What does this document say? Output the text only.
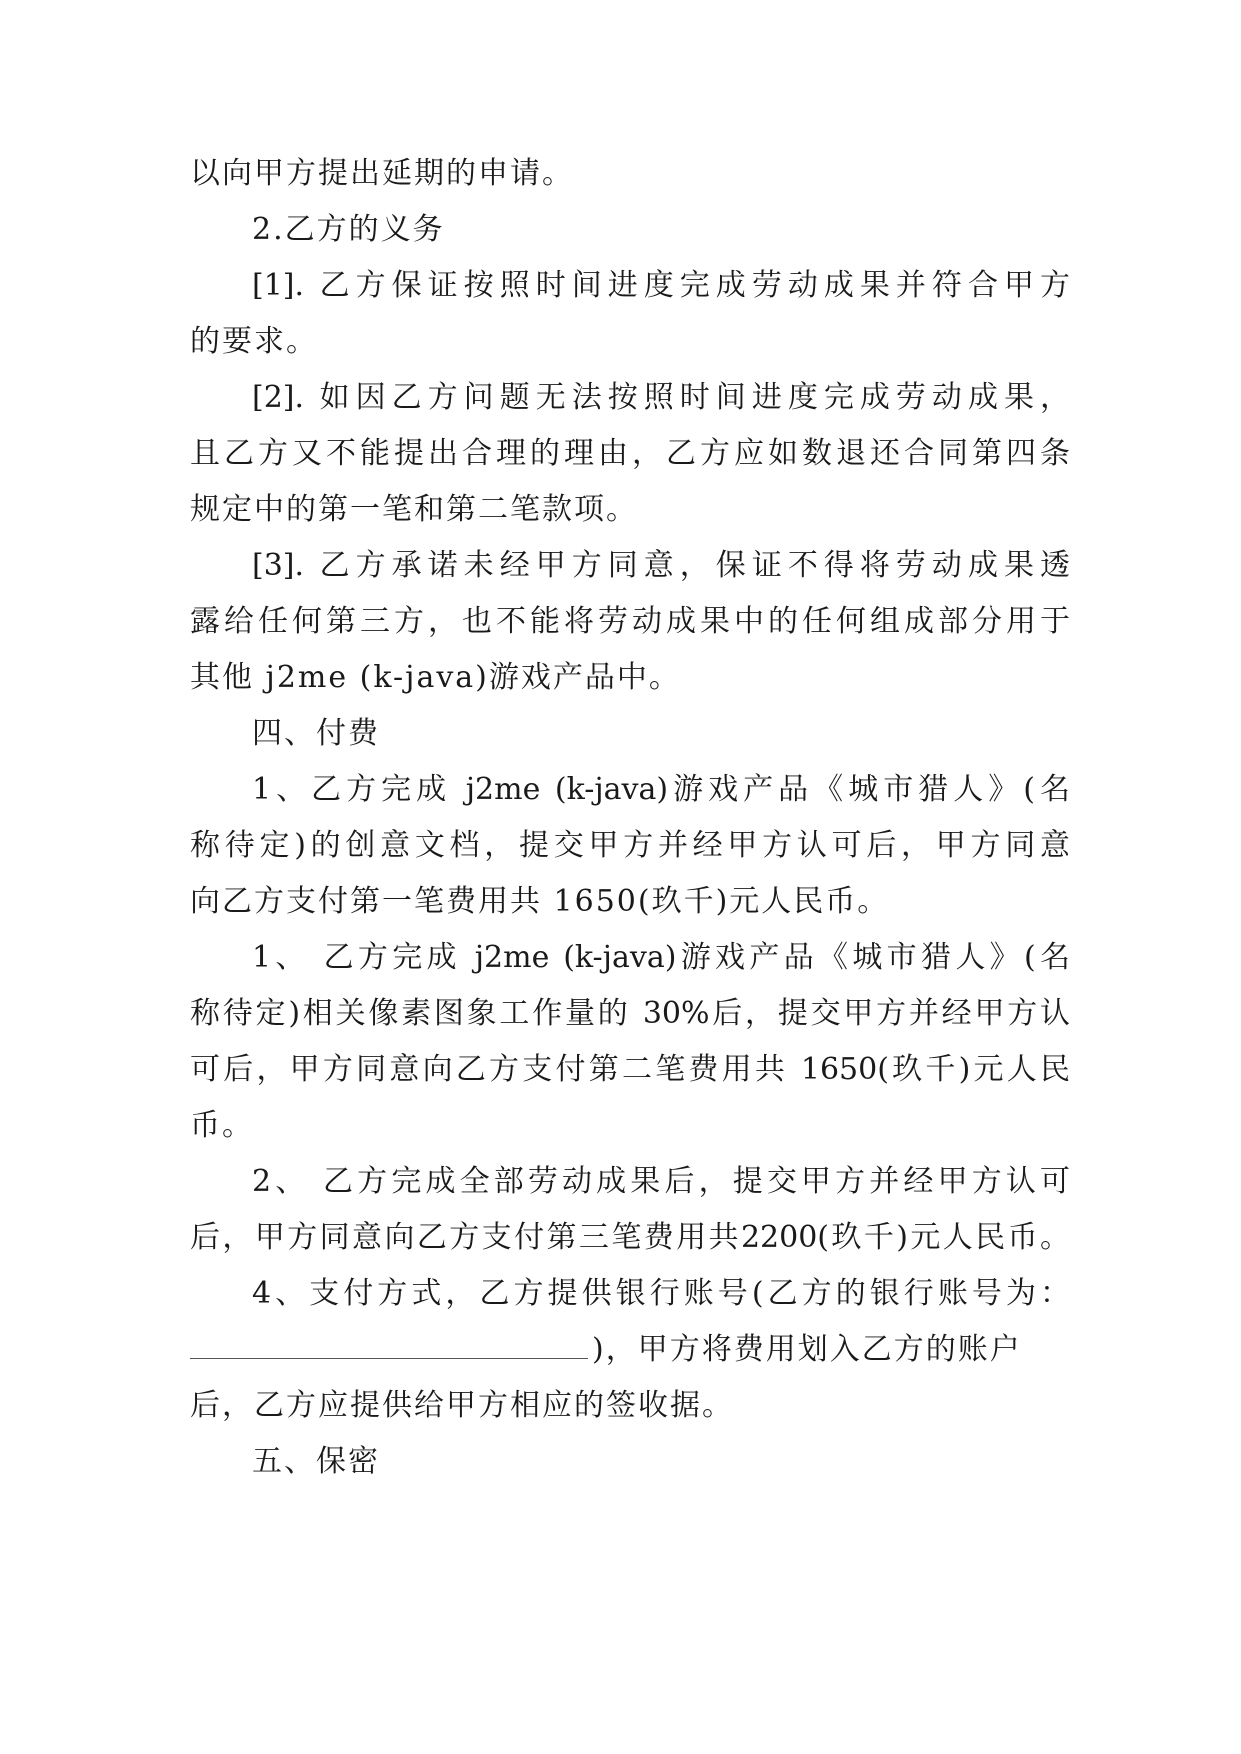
以向甲方提出延期的申请。
2.乙方的义务
[1]. 乙方保证按照时间进度完成劳动成果并符合甲方
的要求。
[2]. 如因乙方问题无法按照时间进度完成劳动成果，
且乙方又不能提出合理的理由，乙方应如数退还合同第四条
规定中的第一笔和第二笔款项。
[3]. 乙方承诺未经甲方同意，保证不得将劳动成果透
露给任何第三方，也不能将劳动成果中的任何组成部分用于
其他 j2me (k-java)游戏产品中。
四、付费
1、乙方完成 j2me (k-java)游戏产品《城市猎人》(名
称待定)的创意文档，提交甲方并经甲方认可后，甲方同意
向乙方支付第一笔费用共 1650(玖千)元人民币。
1、 乙方完成 j2me (k-java)游戏产品《城市猎人》(名
称待定)相关像素图象工作量的 30%后，提交甲方并经甲方认
可后，甲方同意向乙方支付第二笔费用共 1650(玖千)元人民
币。
2、 乙方完成全部劳动成果后，提交甲方并经甲方认可
后，甲方同意向乙方支付第三笔费用共2200(玖千)元人民币。
4、支付方式，乙方提供银行账号(乙方的银行账号为：
)，甲方将费用划入乙方的账户
后，乙方应提供给甲方相应的签收据。
五、保密
